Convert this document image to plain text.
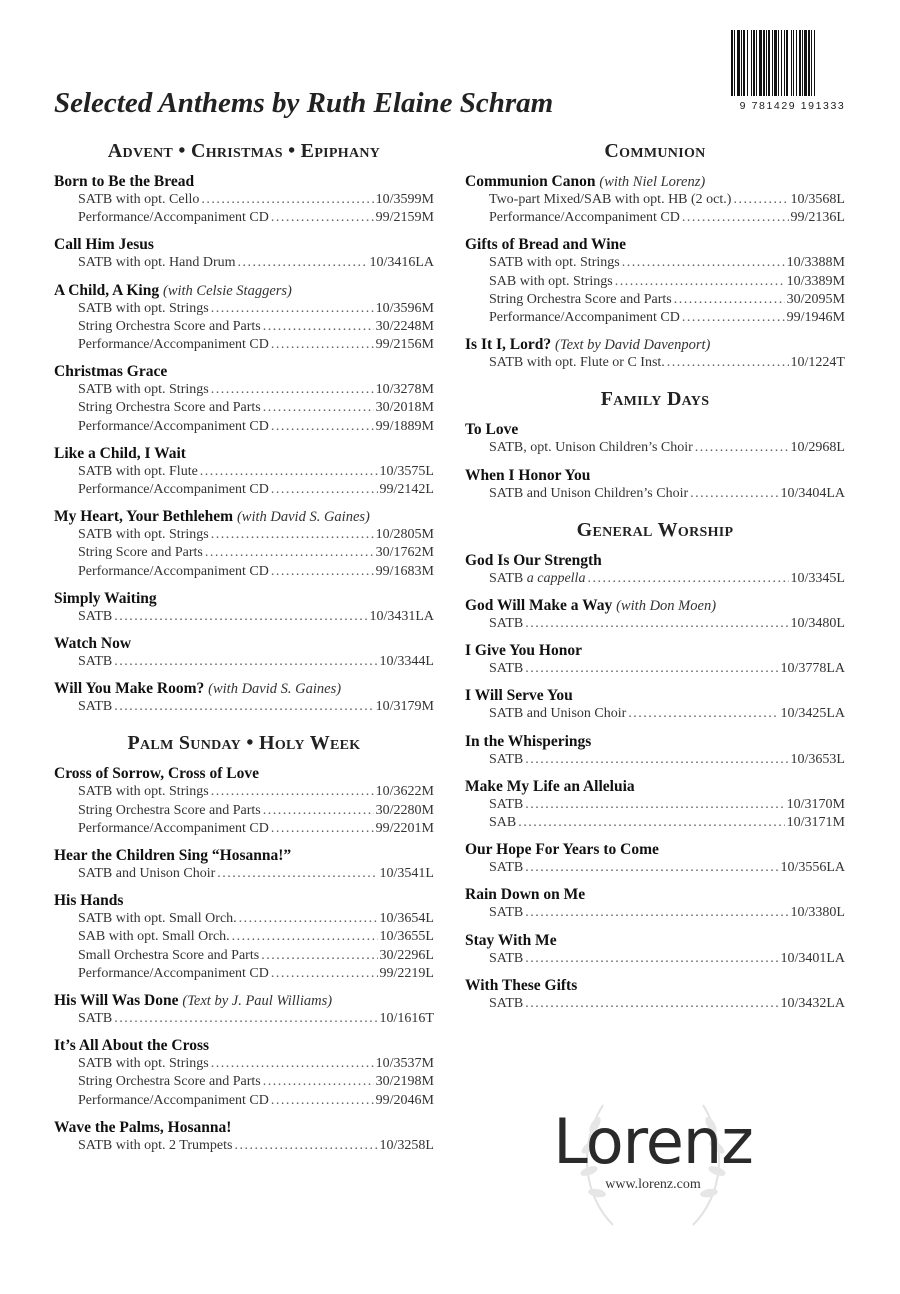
9 781429 191333
Selected Anthems by Ruth Elaine Schram
Advent • Christmas • Epiphany
Born to Be the Bread
SATB with opt. Cello . . .	10/3599M
Performance/Accompaniment CD . . .	99/2159M
Call Him Jesus
SATB with opt. Hand Drum . . .	10/3416LA
A Child, A King (with Celsie Staggers)
SATB with opt. Strings . . .	10/3596M
String Orchestra Score and Parts . . .	30/2248M
Performance/Accompaniment CD . . .	99/2156M
Christmas Grace
SATB with opt. Strings . . .	10/3278M
String Orchestra Score and Parts . . .	30/2018M
Performance/Accompaniment CD . . .	99/1889M
Like a Child, I Wait
SATB with opt. Flute . . .	10/3575L
Performance/Accompaniment CD . . .	99/2142L
My Heart, Your Bethlehem (with David S. Gaines)
SATB with opt. Strings . . .	10/2805M
String Score and Parts . . .	30/1762M
Performance/Accompaniment CD . . .	99/1683M
Simply Waiting
SATB . . .	10/3431LA
Watch Now
SATB . . .	10/3344L
Will You Make Room? (with David S. Gaines)
SATB . . .	10/3179M
Palm Sunday • Holy Week
Cross of Sorrow, Cross of Love
SATB with opt. Strings . . .	10/3622M
String Orchestra Score and Parts . . .	30/2280M
Performance/Accompaniment CD . . .	99/2201M
Hear the Children Sing “Hosanna!”
SATB and Unison Choir . . .	10/3541L
His Hands
SATB with opt. Small Orch. . . .	10/3654L
SAB with opt. Small Orch. . . .	10/3655L
Small Orchestra Score and Parts . . .	30/2296L
Performance/Accompaniment CD . . .	99/2219L
His Will Was Done (Text by J. Paul Williams)
SATB . . .	10/1616T
It’s All About the Cross
SATB with opt. Strings . . .	10/3537M
String Orchestra Score and Parts . . .	30/2198M
Performance/Accompaniment CD . . .	99/2046M
Wave the Palms, Hosanna!
SATB with opt. 2 Trumpets . . .	10/3258L
Communion
Communion Canon (with Niel Lorenz)
Two-part Mixed/SAB with opt. HB (2 oct.) . . .	10/3568L
Performance/Accompaniment CD . . .	99/2136L
Gifts of Bread and Wine
SATB with opt. Strings . . .	10/3388M
SAB with opt. Strings . . .	10/3389M
String Orchestra Score and Parts . . .	30/2095M
Performance/Accompaniment CD . . .	99/1946M
Is It I, Lord? (Text by David Davenport)
SATB with opt. Flute or C Inst. . . .	10/1224T
Family Days
To Love
SATB, opt. Unison Children’s Choir . . .	10/2968L
When I Honor You
SATB and Unison Children’s Choir . . .	10/3404LA
General Worship
God Is Our Strength
SATB a cappella . . .	10/3345L
God Will Make a Way (with Don Moen)
SATB . . .	10/3480L
I Give You Honor
SATB . . .	10/3778LA
I Will Serve You
SATB and Unison Choir . . .	10/3425LA
In the Whisperings
SATB . . .	10/3653L
Make My Life an Alleluia
SATB . . .	10/3170M
SAB . . .	10/3171M
Our Hope For Years to Come
SATB . . .	10/3556LA
Rain Down on Me
SATB . . .	10/3380L
Stay With Me
SATB . . .	10/3401LA
With These Gifts
SATB . . .	10/3432LA
Lorenz
www.lorenz.com
